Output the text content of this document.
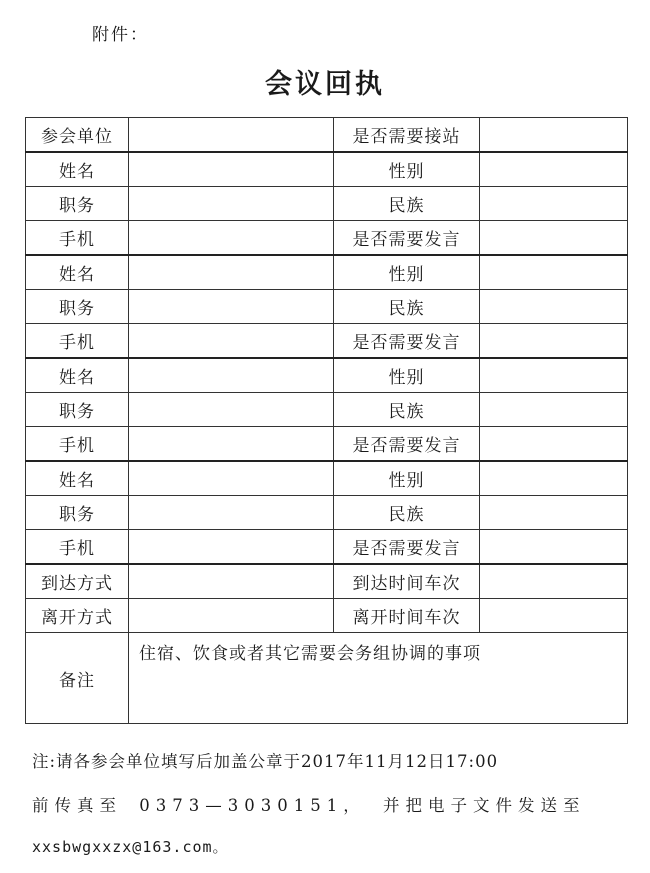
附件：
会议回执
参会单位		是否需要接站	
姓名		性别	
职务		民族	
手机		是否需要发言	
姓名		性别	
职务		民族	
手机		是否需要发言	
姓名		性别	
职务		民族	
手机		是否需要发言	
姓名		性别	
职务		民族	
手机		是否需要发言	
到达方式		到达时间车次	
离开方式		离开时间车次	
备注	住宿、饮食或者其它需要会务组协调的事项		
注:请各参会单位填写后加盖公章于2017年11月12日17:00
前传真至 0373—3030151， 并把电子文件发送至
xxsbwgxxzx@163.com。
